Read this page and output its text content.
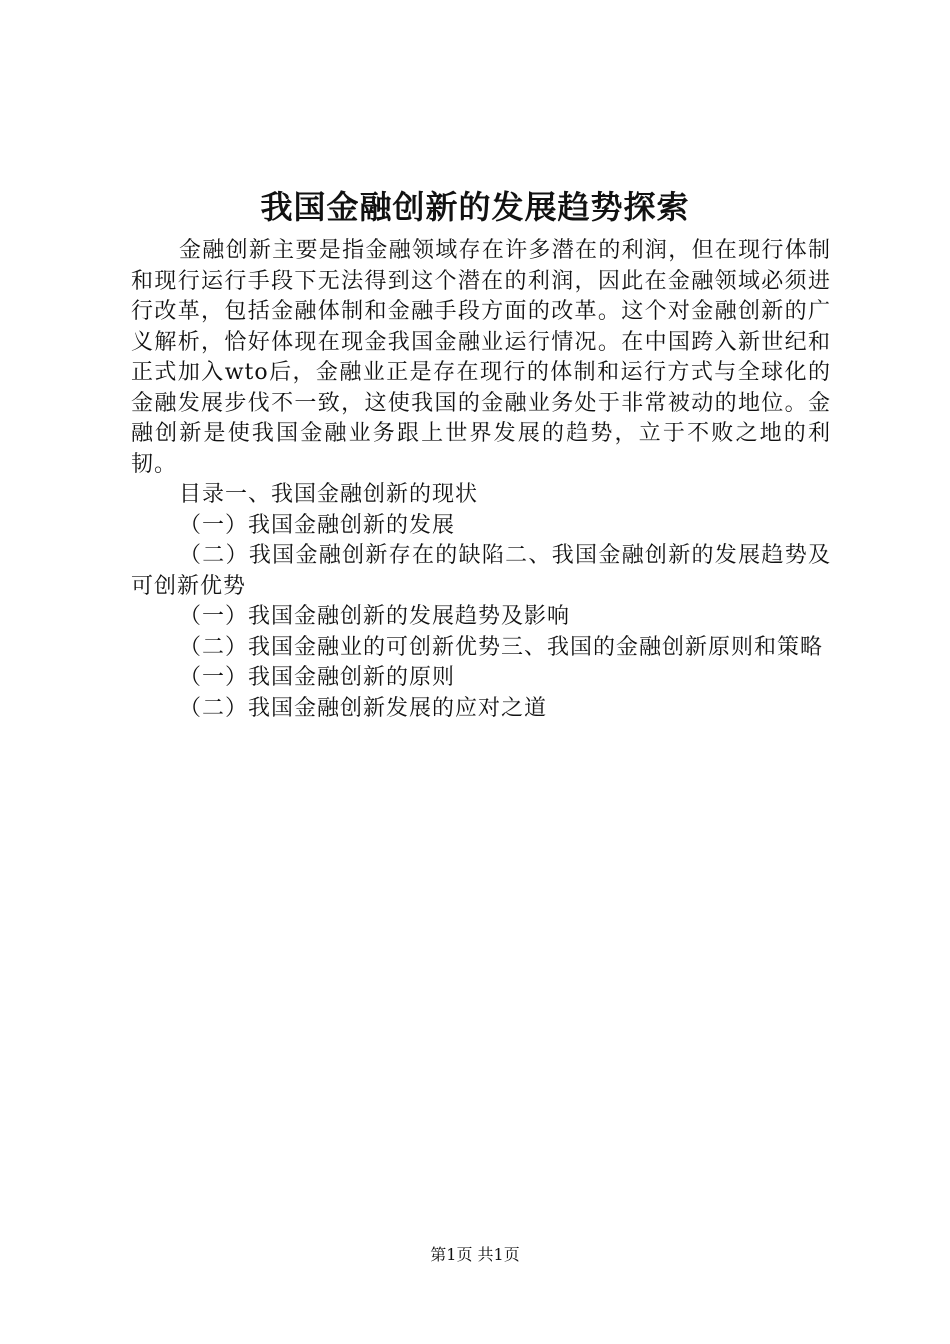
我国金融创新的发展趋势探索

金融创新主要是指金融领域存在许多潜在的利润，但在现行体制和现行运行手段下无法得到这个潜在的利润，因此在金融领域必须进行改革，包括金融体制和金融手段方面的改革。这个对金融创新的广义解析，恰好体现在现金我国金融业运行情况。在中国跨入新世纪和正式加入wto后，金融业正是存在现行的体制和运行方式与全球化的金融发展步伐不一致，这使我国的金融业务处于非常被动的地位。金融创新是使我国金融业务跟上世界发展的趋势，立于不败之地的利韧。

目录一、我国金融创新的现状

（一）我国金融创新的发展

（二）我国金融创新存在的缺陷二、我国金融创新的发展趋势及可创新优势

（一）我国金融创新的发展趋势及影响

（二）我国金融业的可创新优势三、我国的金融创新原则和策略

（一）我国金融创新的原则

（二）我国金融创新发展的应对之道

第1页 共1页
